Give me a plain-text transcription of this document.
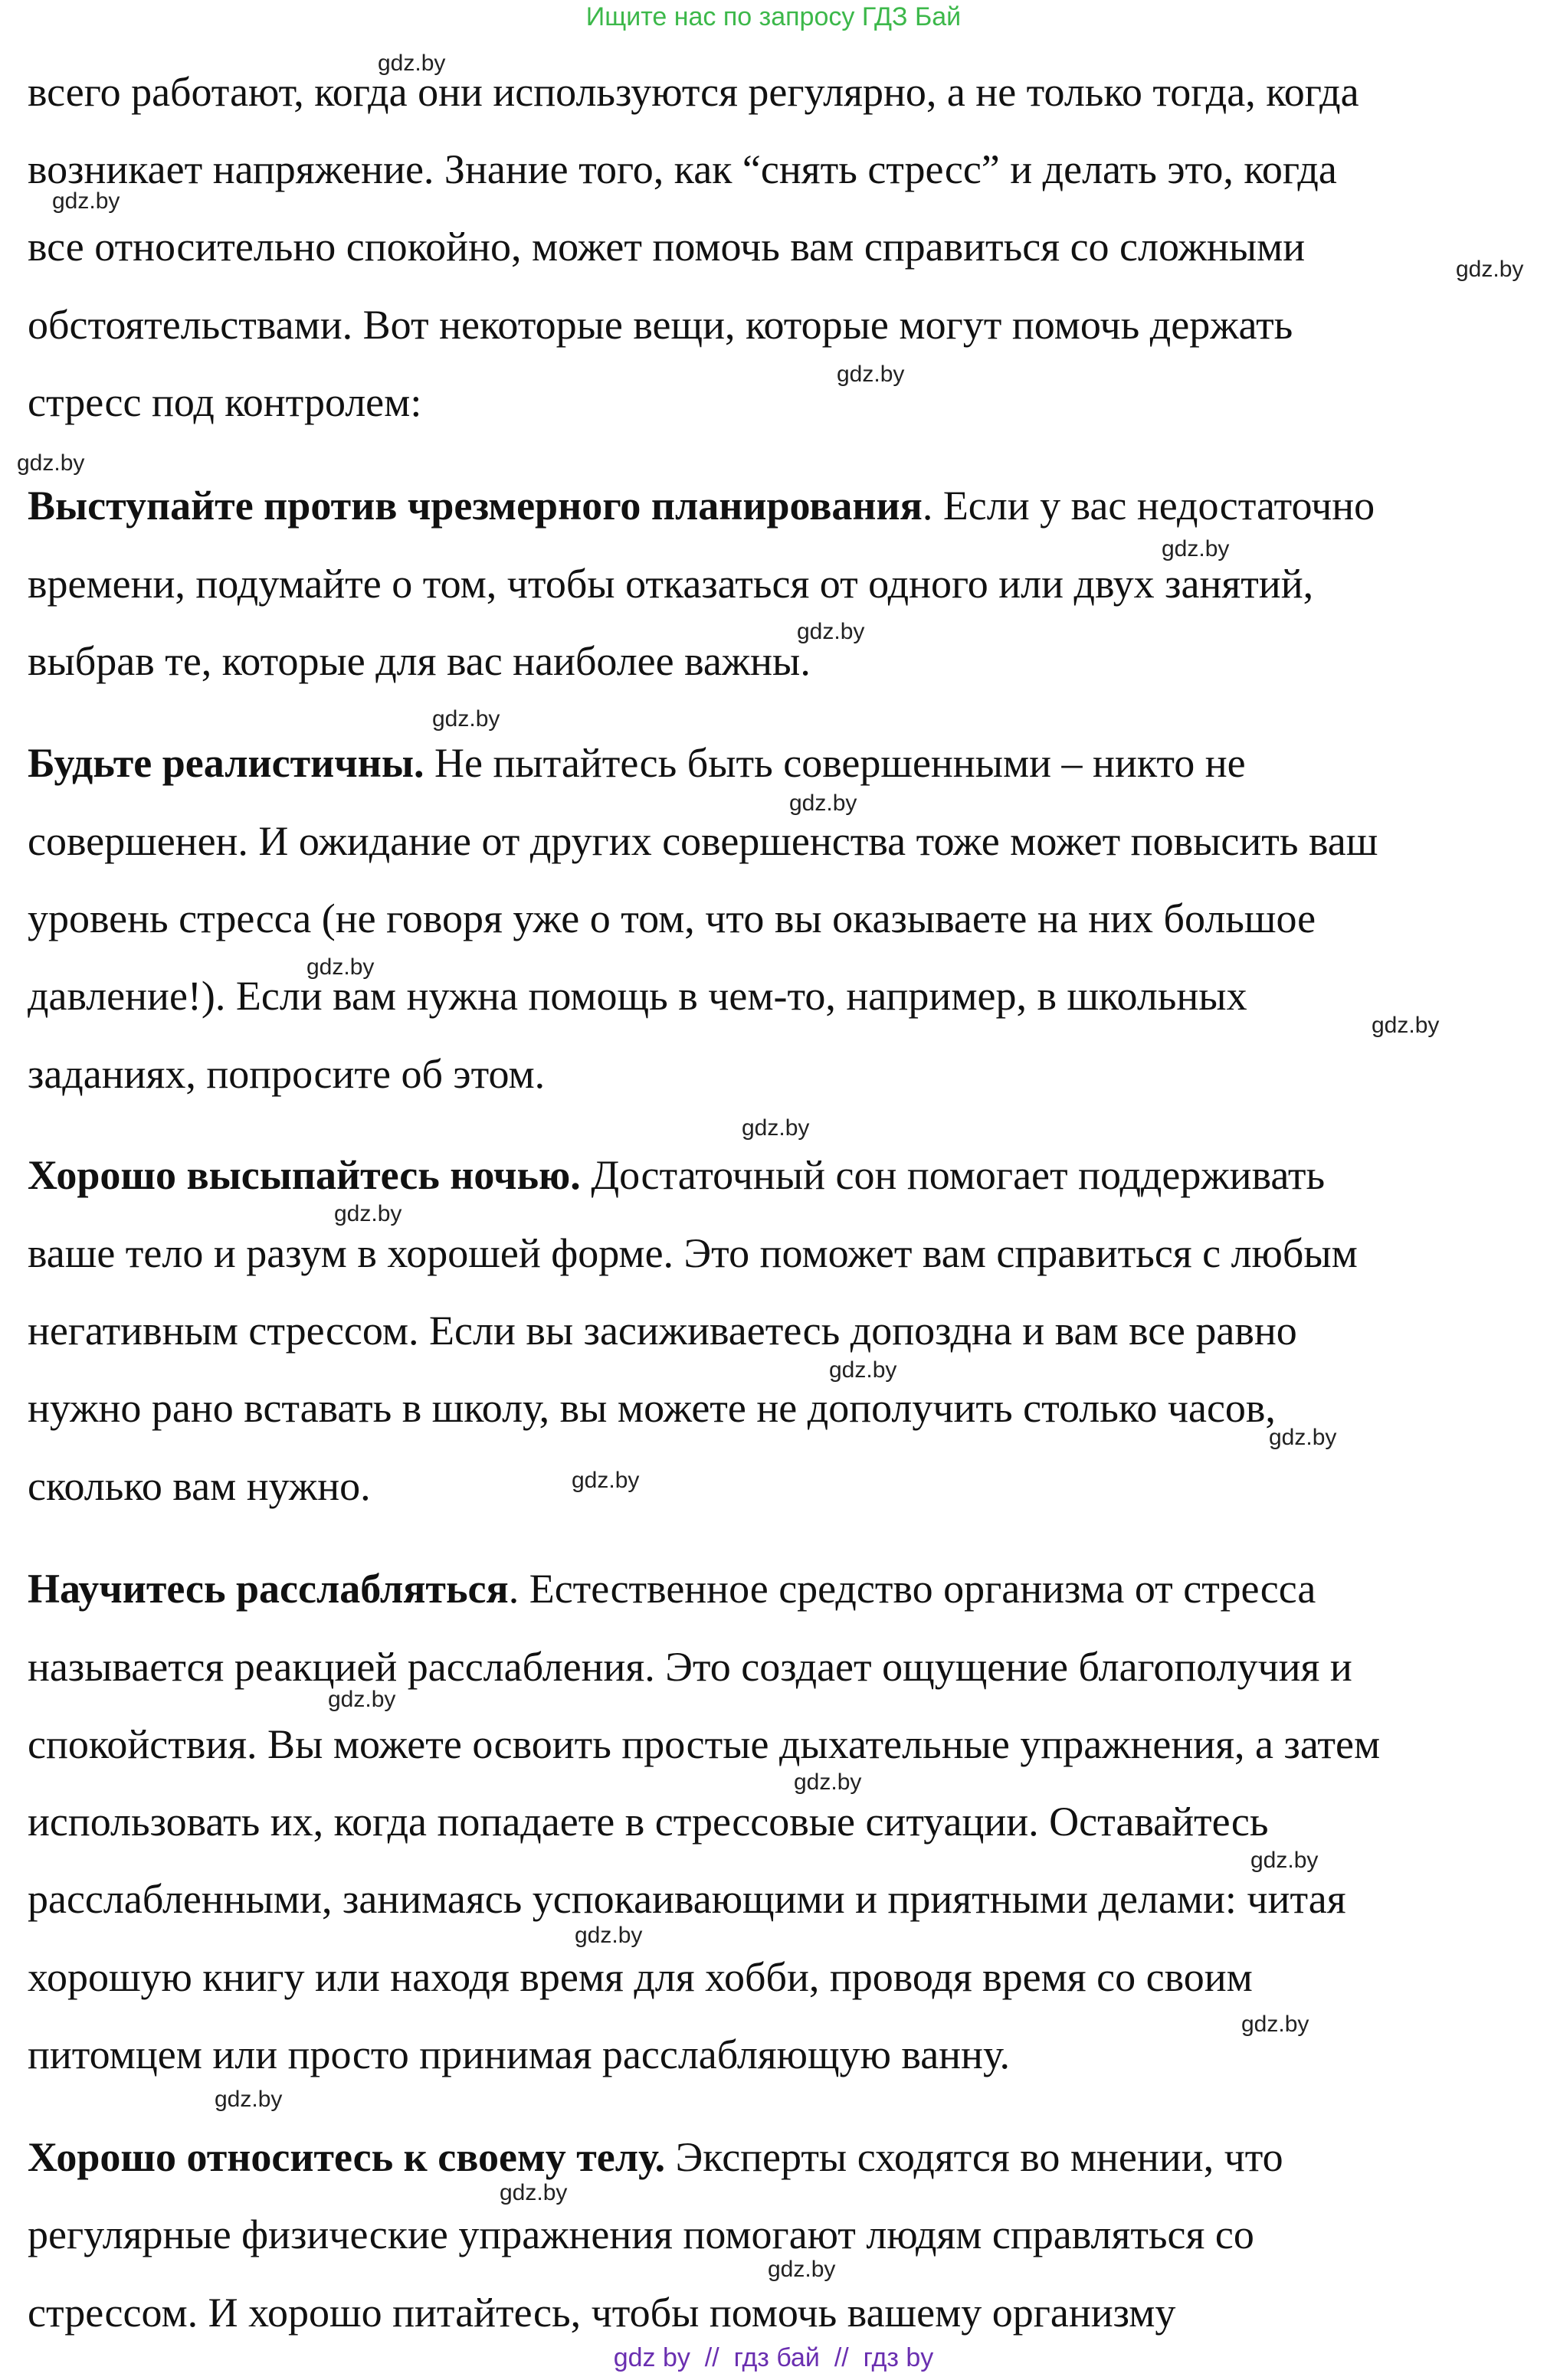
Ищите нас по запросу ГДЗ Бай
всего работают, когда они используются регулярно, а не только тогда, когда
возникает напряжение. Знание того, как “снять стресс” и делать это, когда
все относительно спокойно, может помочь вам справиться со сложными
обстоятельствами. Вот некоторые вещи, которые могут помочь держать
стресс под контролем:
Выступайте против чрезмерного планирования. Если у вас недостаточно
времени, подумайте о том, чтобы отказаться от одного или двух занятий,
выбрав те, которые для вас наиболее важны.
Будьте реалистичны. Не пытайтесь быть совершенными – никто не
совершенен. И ожидание от других совершенства тоже может повысить ваш
уровень стресса (не говоря уже о том, что вы оказываете на них большое
давление!). Если вам нужна помощь в чем-то, например, в школьных
заданиях, попросите об этом.
Хорошо высыпайтесь ночью. Достаточный сон помогает поддерживать
ваше тело и разум в хорошей форме. Это поможет вам справиться с любым
негативным стрессом. Если вы засиживаетесь допоздна и вам все равно
нужно рано вставать в школу, вы можете не дополучить столько часов,
сколько вам нужно.
Научитесь расслабляться. Естественное средство организма от стресса
называется реакцией расслабления. Это создает ощущение благополучия и
спокойствия. Вы можете освоить простые дыхательные упражнения, а затем
использовать их, когда попадаете в стрессовые ситуации. Оставайтесь
расслабленными, занимаясь успокаивающими и приятными делами: читая
хорошую книгу или находя время для хобби, проводя время со своим
питомцем или просто принимая расслабляющую ванну.
Хорошо относитесь к своему телу. Эксперты сходятся во мнении, что
регулярные физические упражнения помогают людям справляться со
стрессом. И хорошо питайтесь, чтобы помочь вашему организму
gdz.by
gdz.by
gdz.by
gdz.by
gdz.by
gdz.by
gdz.by
gdz.by
gdz.by
gdz.by
gdz.by
gdz.by
gdz.by
gdz.by
gdz.by
gdz.by
gdz.by
gdz.by
gdz.by
gdz.by
gdz.by
gdz.by
gdz.by
gdz.by
gdz by  //  гдз бай  //  гдз by
